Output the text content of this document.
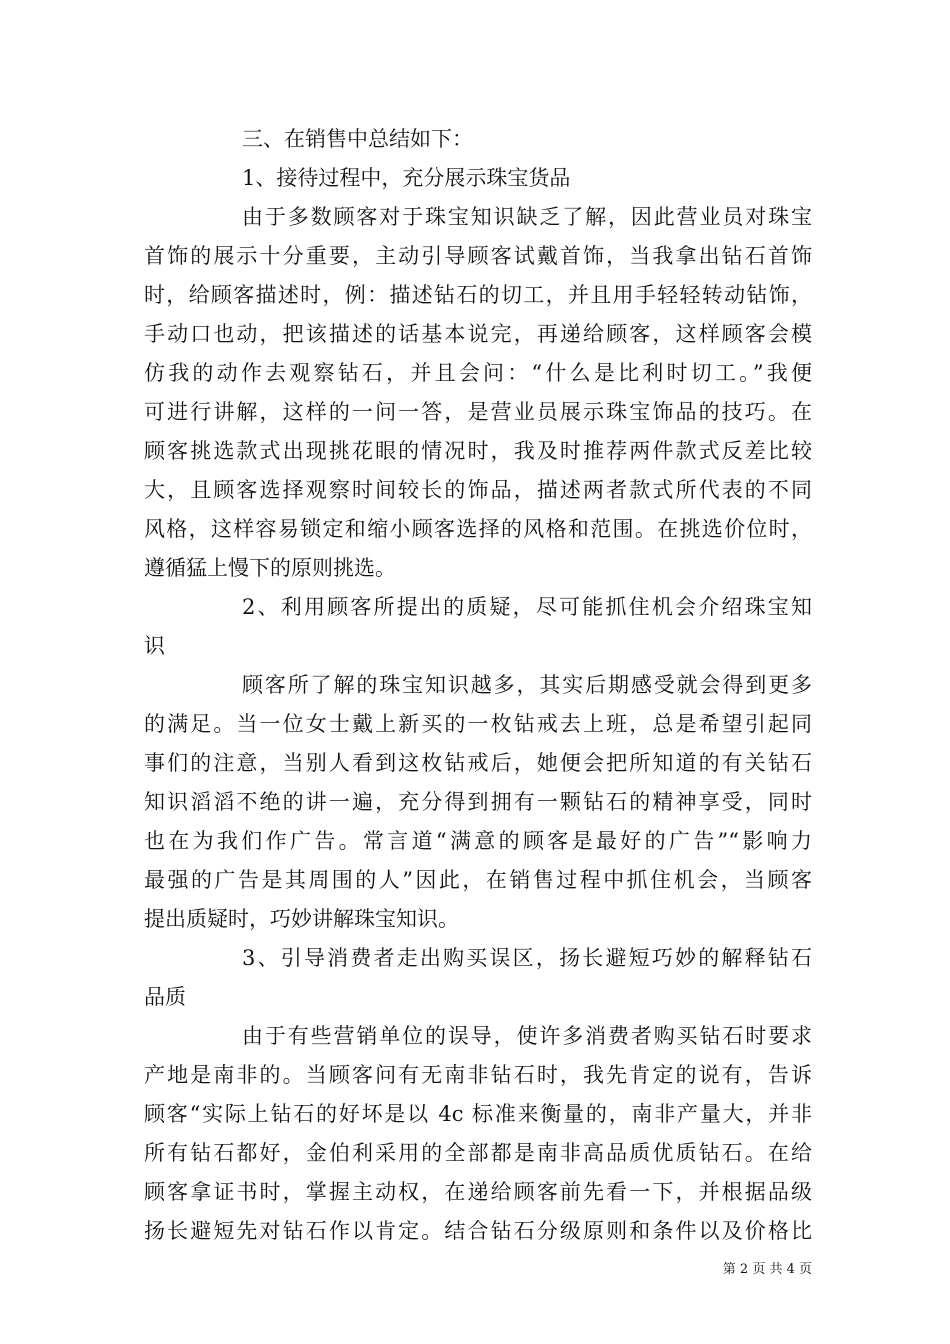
三、在销售中总结如下：
1、接待过程中，充分展示珠宝货品
由于多数顾客对于珠宝知识缺乏了解，因此营业员对珠宝
首饰的展示十分重要，主动引导顾客试戴首饰，当我拿出钻石首饰
时，给顾客描述时，例：描述钻石的切工，并且用手轻轻转动钻饰，
手动口也动，把该描述的话基本说完，再递给顾客，这样顾客会模
仿我的动作去观察钻石，并且会问：“什么是比利时切工。”我便
可进行讲解，这样的一问一答，是营业员展示珠宝饰品的技巧。在
顾客挑选款式出现挑花眼的情况时，我及时推荐两件款式反差比较
大，且顾客选择观察时间较长的饰品，描述两者款式所代表的不同
风格，这样容易锁定和缩小顾客选择的风格和范围。在挑选价位时，
遵循猛上慢下的原则挑选。
2、利用顾客所提出的质疑，尽可能抓住机会介绍珠宝知
识
顾客所了解的珠宝知识越多，其实后期感受就会得到更多
的满足。当一位女士戴上新买的一枚钻戒去上班，总是希望引起同
事们的注意，当别人看到这枚钻戒后，她便会把所知道的有关钻石
知识滔滔不绝的讲一遍，充分得到拥有一颗钻石的精神享受，同时
也在为我们作广告。常言道“满意的顾客是最好的广告”“影响力
最强的广告是其周围的人”因此，在销售过程中抓住机会，当顾客
提出质疑时，巧妙讲解珠宝知识。
3、引导消费者走出购买误区，扬长避短巧妙的解释钻石
品质
由于有些营销单位的误导，使许多消费者购买钻石时要求
产地是南非的。当顾客问有无南非钻石时，我先肯定的说有，告诉
顾客“实际上钻石的好坏是以 4c 标准来衡量的，南非产量大，并非
所有钻石都好，金伯利采用的全部都是南非高品质优质钻石。在给
顾客拿证书时，掌握主动权，在递给顾客前先看一下，并根据品级
扬长避短先对钻石作以肯定。结合钻石分级原则和条件以及价格比
第 2 页 共 4 页
